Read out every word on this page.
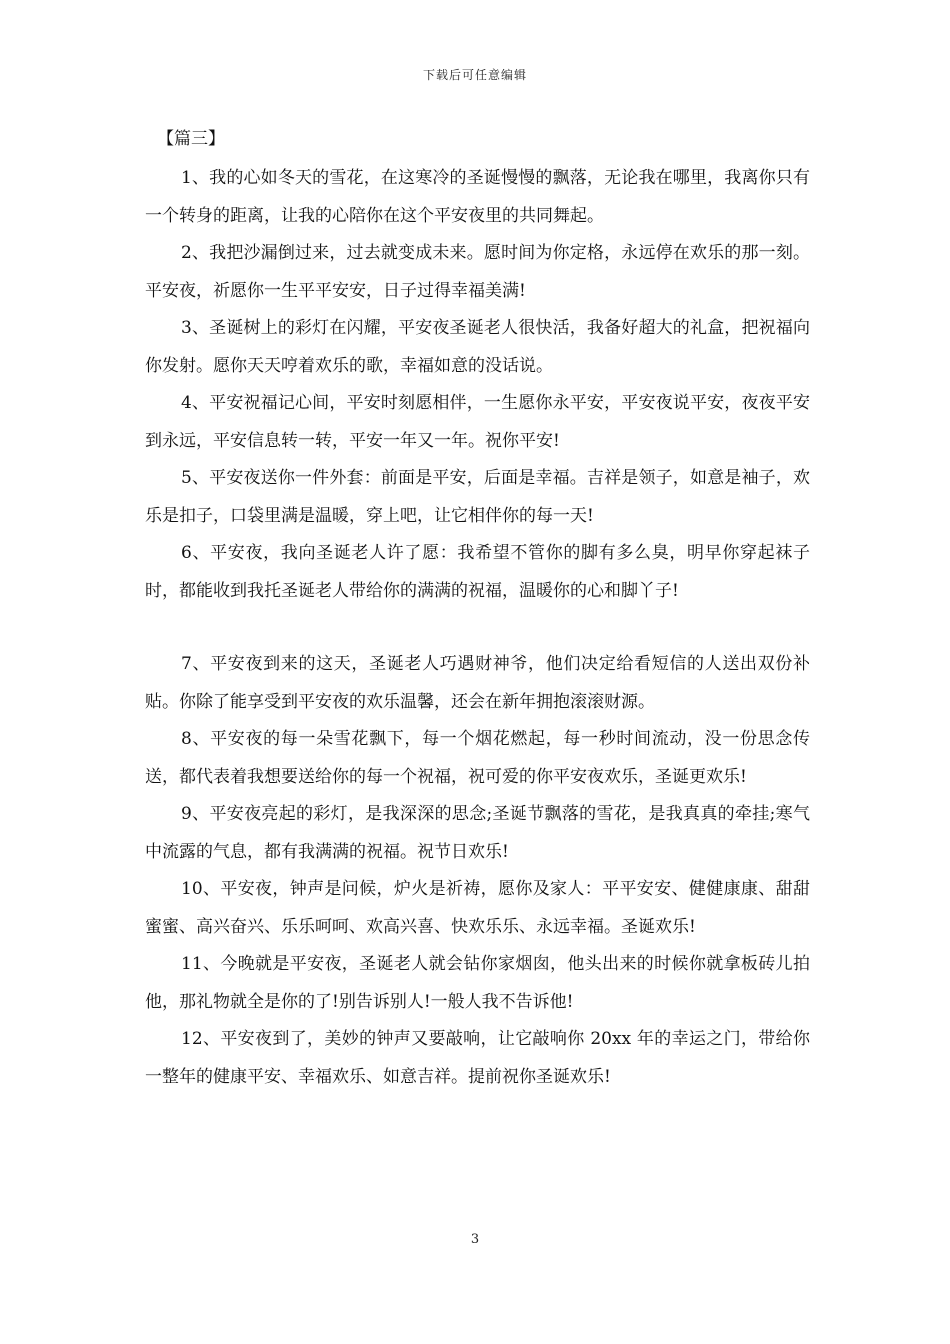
下载后可任意编辑
【篇三】

1、我的心如冬天的雪花，在这寒冷的圣诞慢慢的飘落，无论我在哪里，我离你只有一个转身的距离，让我的心陪你在这个平安夜里的共同舞起。

2、我把沙漏倒过来，过去就变成未来。愿时间为你定格，永远停在欢乐的那一刻。平安夜，祈愿你一生平平安安，日子过得幸福美满!

3、圣诞树上的彩灯在闪耀，平安夜圣诞老人很快活，我备好超大的礼盒，把祝福向你发射。愿你天天哼着欢乐的歌，幸福如意的没话说。

4、平安祝福记心间，平安时刻愿相伴，一生愿你永平安，平安夜说平安，夜夜平安到永远，平安信息转一转，平安一年又一年。祝你平安!

5、平安夜送你一件外套：前面是平安，后面是幸福。吉祥是领子，如意是袖子，欢乐是扣子，口袋里满是温暖，穿上吧，让它相伴你的每一天!

6、平安夜，我向圣诞老人许了愿：我希望不管你的脚有多么臭，明早你穿起袜子时，都能收到我托圣诞老人带给你的满满的祝福，温暖你的心和脚丫子!

7、平安夜到来的这天，圣诞老人巧遇财神爷，他们决定给看短信的人送出双份补贴。你除了能享受到平安夜的欢乐温馨，还会在新年拥抱滚滚财源。

8、平安夜的每一朵雪花飘下，每一个烟花燃起，每一秒时间流动，没一份思念传送，都代表着我想要送给你的每一个祝福，祝可爱的你平安夜欢乐，圣诞更欢乐!

9、平安夜亮起的彩灯，是我深深的思念;圣诞节飘落的雪花，是我真真的牵挂;寒气中流露的气息，都有我满满的祝福。祝节日欢乐!

10、平安夜，钟声是问候，炉火是祈祷，愿你及家人：平平安安、健健康康、甜甜蜜蜜、高兴奋兴、乐乐呵呵、欢高兴喜、快欢乐乐、永远幸福。圣诞欢乐!

11、今晚就是平安夜，圣诞老人就会钻你家烟囱，他头出来的时候你就拿板砖儿拍他，那礼物就全是你的了!别告诉别人!一般人我不告诉他!

12、平安夜到了，美妙的钟声又要敲响，让它敲响你 20xx 年的幸运之门，带给你一整年的健康平安、幸福欢乐、如意吉祥。提前祝你圣诞欢乐!

3
